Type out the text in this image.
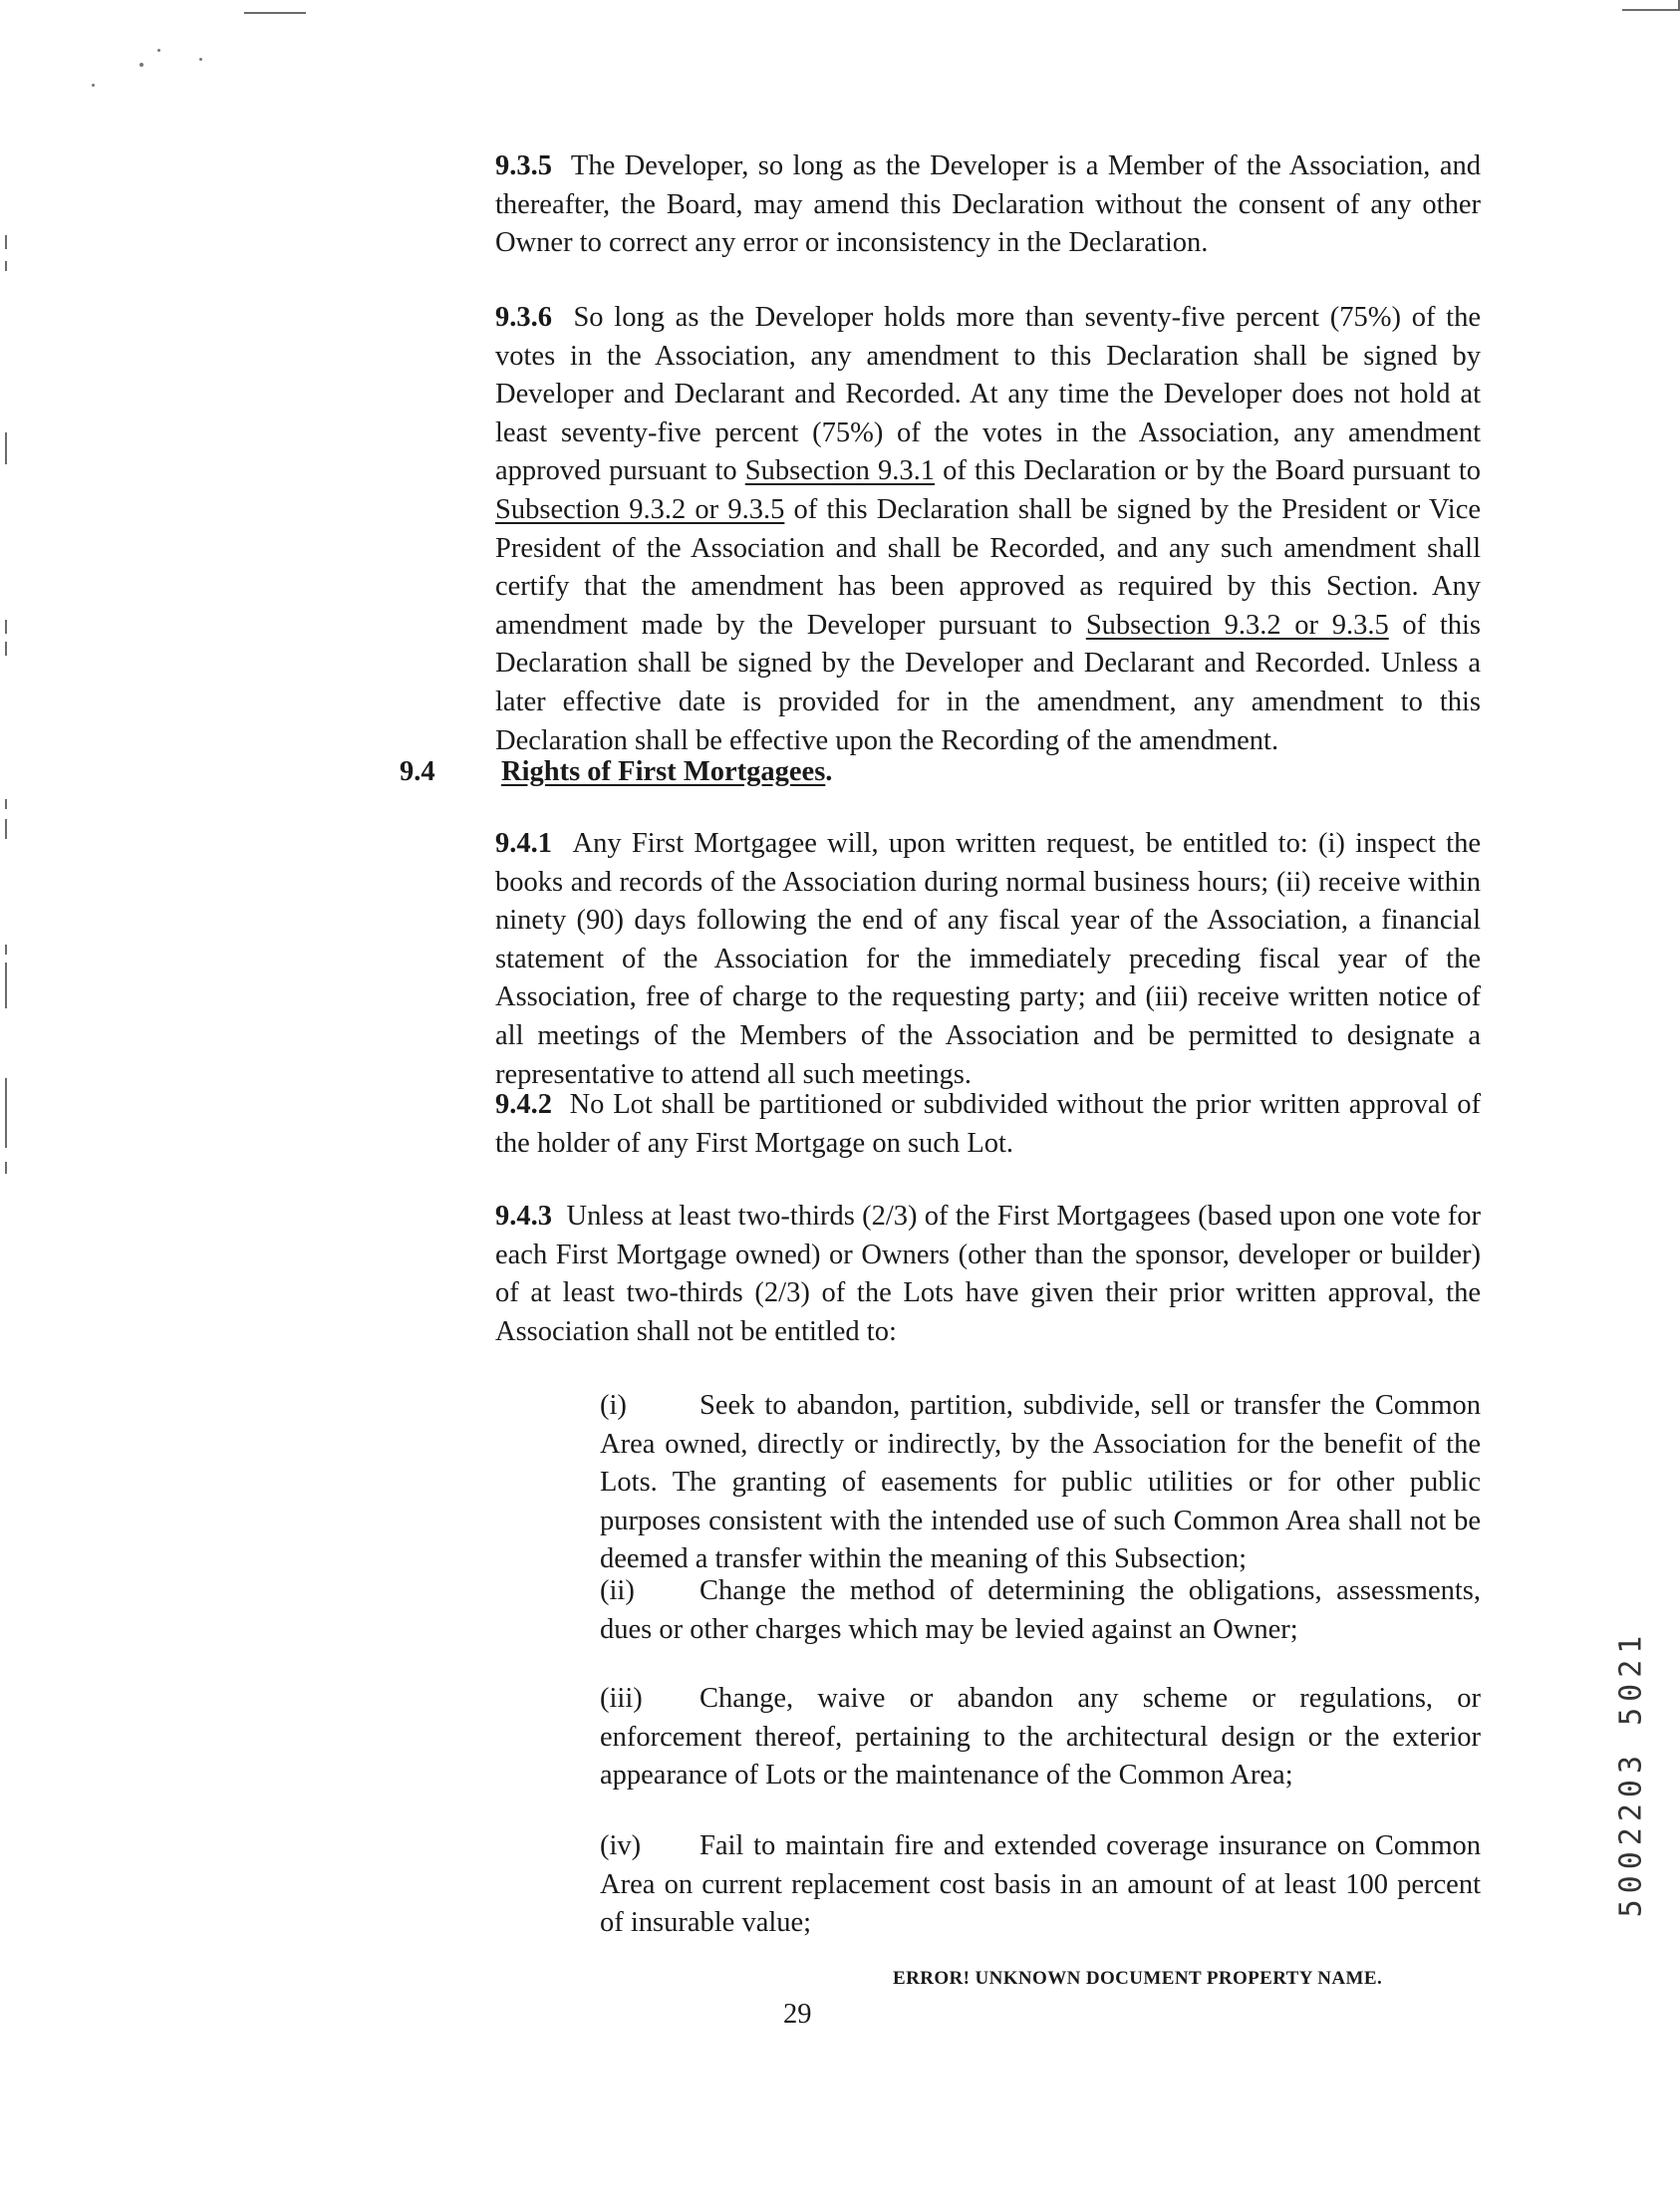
9.3.5 The Developer, so long as the Developer is a Member of the Association, and thereafter, the Board, may amend this Declaration without the consent of any other Owner to correct any error or inconsistency in the Declaration.

9.3.6 So long as the Developer holds more than seventy-five percent (75%) of the votes in the Association, any amendment to this Declaration shall be signed by Developer and Declarant and Recorded. At any time the Developer does not hold at least seventy-five percent (75%) of the votes in the Association, any amendment approved pursuant to Subsection 9.3.1 of this Declaration or by the Board pursuant to Subsection 9.3.2 or 9.3.5 of this Declaration shall be signed by the President or Vice President of the Association and shall be Recorded, and any such amendment shall certify that the amendment has been approved as required by this Section. Any amendment made by the Developer pursuant to Subsection 9.3.2 or 9.3.5 of this Declaration shall be signed by the Developer and Declarant and Recorded. Unless a later effective date is provided for in the amendment, any amendment to this Declaration shall be effective upon the Recording of the amendment.

9.4 Rights of First Mortgagees.

9.4.1 Any First Mortgagee will, upon written request, be entitled to: (i) inspect the books and records of the Association during normal business hours; (ii) receive within ninety (90) days following the end of any fiscal year of the Association, a financial statement of the Association for the immediately preceding fiscal year of the Association, free of charge to the requesting party; and (iii) receive written notice of all meetings of the Members of the Association and be permitted to designate a representative to attend all such meetings.

9.4.2 No Lot shall be partitioned or subdivided without the prior written approval of the holder of any First Mortgage on such Lot.

9.4.3 Unless at least two-thirds (2/3) of the First Mortgagees (based upon one vote for each First Mortgage owned) or Owners (other than the sponsor, developer or builder) of at least two-thirds (2/3) of the Lots have given their prior written approval, the Association shall not be entitled to:

(i)	Seek to abandon, partition, subdivide, sell or transfer the Common Area owned, directly or indirectly, by the Association for the benefit of the Lots. The granting of easements for public utilities or for other public purposes consistent with the intended use of such Common Area shall not be deemed a transfer within the meaning of this Subsection;

(ii) Change the method of determining the obligations, assessments, dues or other charges which may be levied against an Owner;

(iii) Change, waive or abandon any scheme or regulations, or enforcement thereof, pertaining to the architectural design or the exterior appearance of Lots or the maintenance of the Common Area;

(iv) Fail to maintain fire and extended coverage insurance on Common Area on current replacement cost basis in an amount of at least 100 percent of insurable value;

ERROR! UNKNOWN DOCUMENT PROPERTY NAME.
29
5002203 5021
